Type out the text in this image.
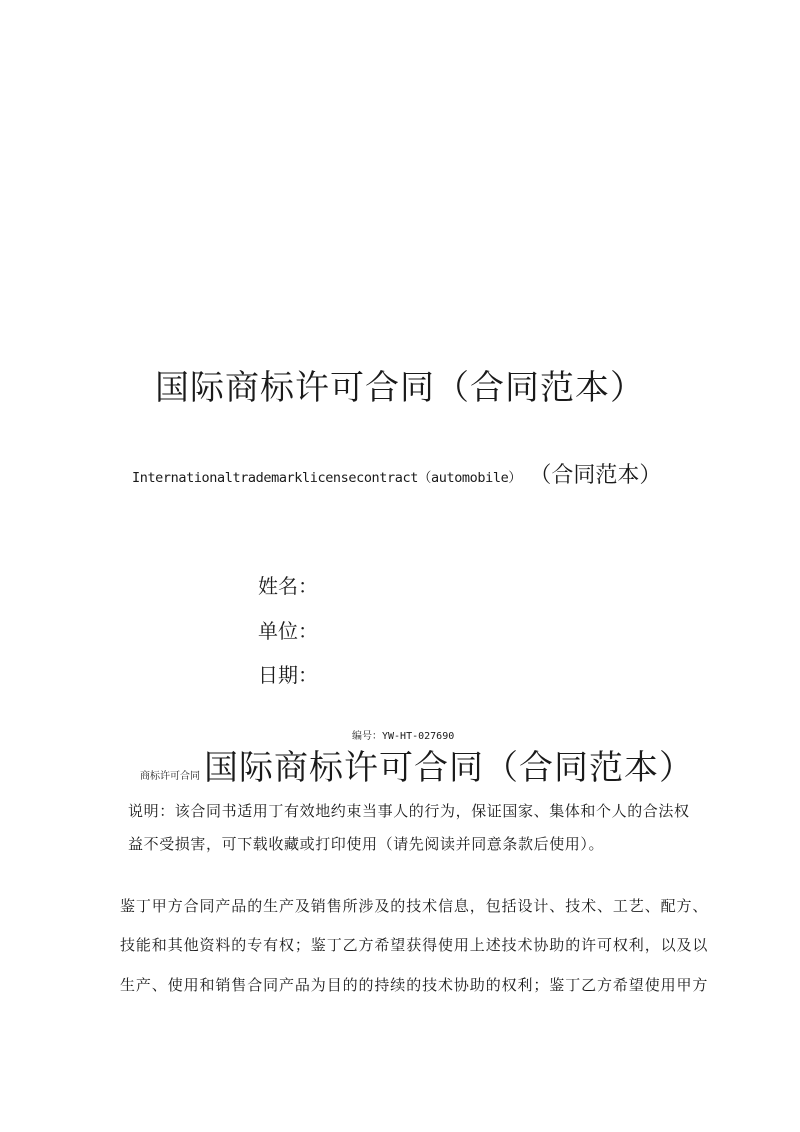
国际商标许可合同（合同范本）
Internationaltrademarklicensecontract（automobile） （合同范本）
姓名：
单位：
日期：
编号：YW-HT-027690
商标许可合同 国际商标许可合同（合同范本）
说明：该合同书适用丁有效地约束当事人的行为，保证国家、集体和个人的合法权
益不受损害，可下载收藏或打印使用（请先阅读并同意条款后使用）。
鉴丁甲方合同产品的生产及销售所涉及的技术信息，包括设计、技术、工艺、配方、
技能和其他资料的专有权；鉴丁乙方希望获得使用上述技术协助的许可权利，以及以
生产、使用和销售合同产品为目的的持续的技术协助的权利；鉴丁乙方希望使用甲方
